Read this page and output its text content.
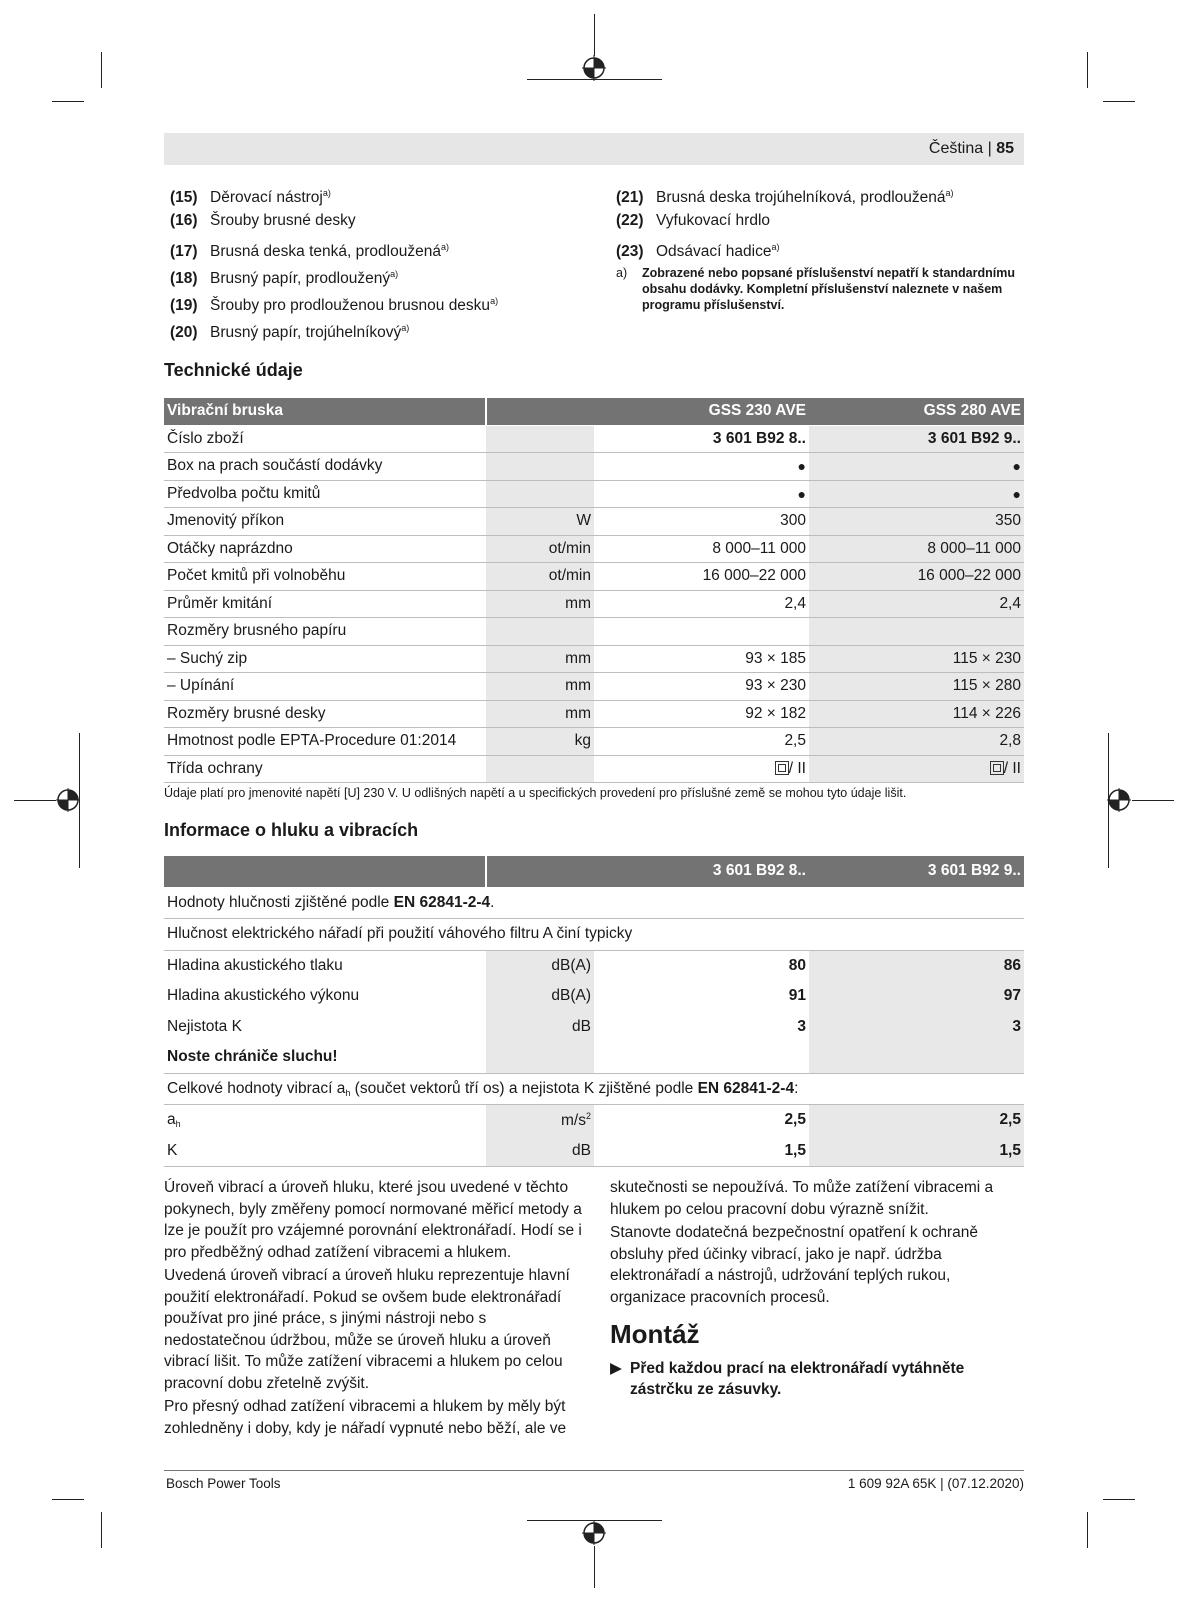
Čeština | 85
(15) Děrovací nástroj$^{a)}$
(16) Šrouby brusné desky
(17) Brusná deska tenká, prodloužená$^{a)}$
(18) Brusný papír, prodloužený$^{a)}$
(19) Šrouby pro prodlouženou brusnou desku$^{a)}$
(20) Brusný papír, trojúhelníkový$^{a)}$
(21) Brusná deska trojúhelníková, prodloužená$^{a)}$
(22) Vyfukovací hrdlo
(23) Odsávací hadice$^{a)}$
a) Zobrazené nebo popsané příslušenství nepatří k standardnímu obsahu dodávky. Kompletní příslušenství naleznete v našem programu příslušenství.
Technické údaje
Vibrační bruska		GSS 230 AVE	GSS 280 AVE
Číslo zboží		3 601 B92 8..	3 601 B92 9..
Box na prach součástí dodávky		●	●
Předvolba počtu kmitů		●	●
Jmenovitý příkon	W	300	350
Otáčky naprázdno	ot/min	8 000–11 000	8 000–11 000
Počet kmitů při volnoběhu	ot/min	16 000–22 000	16 000–22 000
Průměr kmitání	mm	2,4	2,4
Rozměry brusného papíru			
– Suchý zip	mm	93 × 185	115 × 230
– Upínání	mm	93 × 230	115 × 280
Rozměry brusné desky	mm	92 × 182	114 × 226
Hmotnost podle EPTA-Procedure 01:2014	kg	2,5	2,8
Třída ochrany		/ II	/ II
Údaje platí pro jmenovité napětí [U] 230 V. U odlišných napětí a u specifických provedení pro příslušné země se mohou tyto údaje lišit.
Informace o hluku a vibracích
		3 601 B92 8..	3 601 B92 9..
Hodnoty hlučnosti zjištěné podle EN 62841-2-4.			
Hlučnost elektrického nářadí při použití váhového filtru A činí typicky			
Hladina akustického tlaku	dB(A)	80	86
Hladina akustického výkonu	dB(A)	91	97
Nejistota K	dB	3	3
Noste chrániče sluchu!			
Celkové hodnoty vibrací $a_h$ (součet vektorů tří os) a nejistota K zjištěné podle EN 62841-2-4:			
$a_h$	$m/s^2$	2,5	2,5
K	dB	1,5	1,5

Úroveň vibrací a úroveň hluku, které jsou uvedené v těchto pokynech, byly změřeny pomocí normované měřicí metody a lze je použít pro vzájemné porovnání elektronářadí. Hodí se i pro předběžný odhad zatížení vibracemi a hlukem.

Uvedená úroveň vibrací a úroveň hluku reprezentuje hlavní použití elektronářadí. Pokud se ovšem bude elektronářadí používat pro jiné práce, s jinými nástroji nebo s nedostatečnou údržbou, může se úroveň hluku a úroveň vibrací lišit. To může zatížení vibracemi a hlukem po celou pracovní dobu zřetelně zvýšit.

Pro přesný odhad zatížení vibracemi a hlukem by měly být zohledněny i doby, kdy je nářadí vypnuté nebo běží, ale ve

skutečnosti se nepoužívá. To může zatížení vibracemi a hlukem po celou pracovní dobu výrazně snížit.

Stanovte dodatečná bezpečnostní opatření k ochraně obsluhy před účinky vibrací, jako je např. údržba elektronářadí a nástrojů, udržování teplých rukou, organizace pracovních procesů.

Montáž
▶ Před každou prací na elektronářadí vytáhněte zástrčku ze zásuvky.
Bosch Power Tools	1 609 92A 65K | (07.12.2020)
